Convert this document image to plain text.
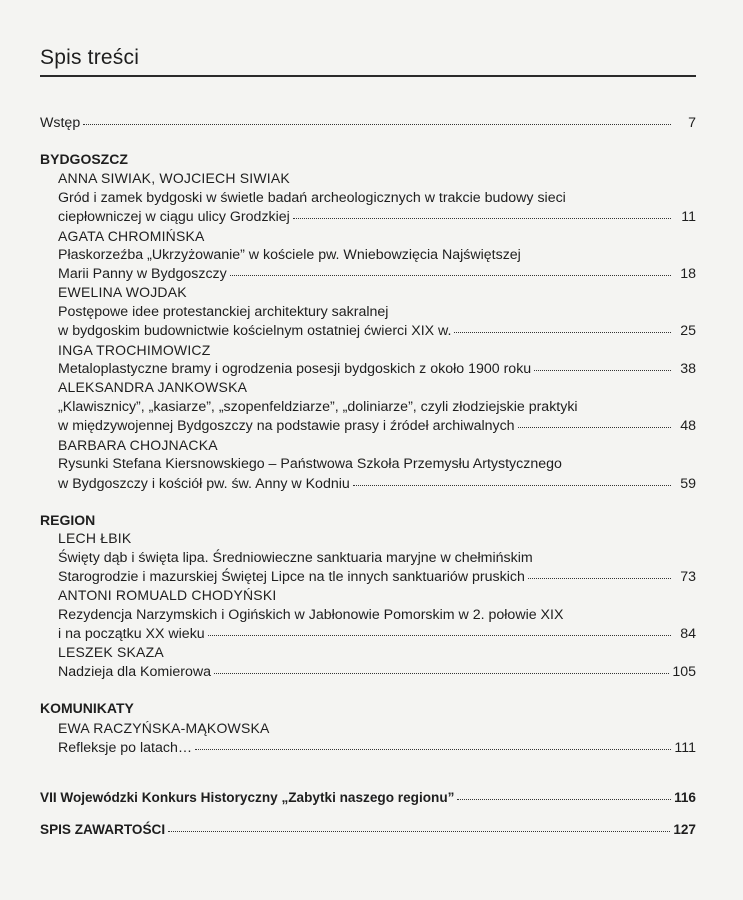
Spis treści
Wstęp	7
BYDGOSZCZ
ANNA SIWIAK, WOJCIECH SIWIAK
Gród i zamek bydgoski w świetle badań archeologicznych w trakcie budowy sieci
ciepłowniczej w ciągu ulicy Grodzkiej	11
AGATA CHROMIŃSKA
Płaskorzeźba „Ukrzyżowanie” w kościele pw. Wniebowzięcia Najświętszej
Marii Panny w Bydgoszczy	18
EWELINA WOJDAK
Postępowe idee protestanckiej architektury sakralnej
w bydgoskim budownictwie kościelnym ostatniej ćwierci XIX w.	25
INGA TROCHIMOWICZ
Metaloplastyczne bramy i ogrodzenia posesji bydgoskich z około 1900 roku	38
ALEKSANDRA JANKOWSKA
„Klawisznicy”, „kasiarze”, „szopenfeldziarze”, „doliniarze”, czyli złodziejskie praktyki
w międzywojennej Bydgoszczy na podstawie prasy i źródeł archiwalnych	48
BARBARA CHOJNACKA
Rysunki Stefana Kiersnowskiego – Państwowa Szkoła Przemysłu Artystycznego
w Bydgoszczy i kościół pw. św. Anny w Kodniu	59
REGION
LECH ŁBIK
Święty dąb i święta lipa. Średniowieczne sanktuaria maryjne w chełmińskim
Starogrodzie i mazurskiej Świętej Lipce na tle innych sanktuariów pruskich	73
ANTONI ROMUALD CHODYŃSKI
Rezydencja Narzymskich i Ogińskich w Jabłonowie Pomorskim w 2. połowie XIX
i na początku XX wieku	84
LESZEK SKAZA
Nadzieja dla Komierowa	105
KOMUNIKATY
EWA RACZYŃSKA-MĄKOWSKA
Refleksje po latach…	111
VII Wojewódzki Konkurs Historyczny „Zabytki naszego regionu”	116
SPIS ZAWARTOŚCI	127
